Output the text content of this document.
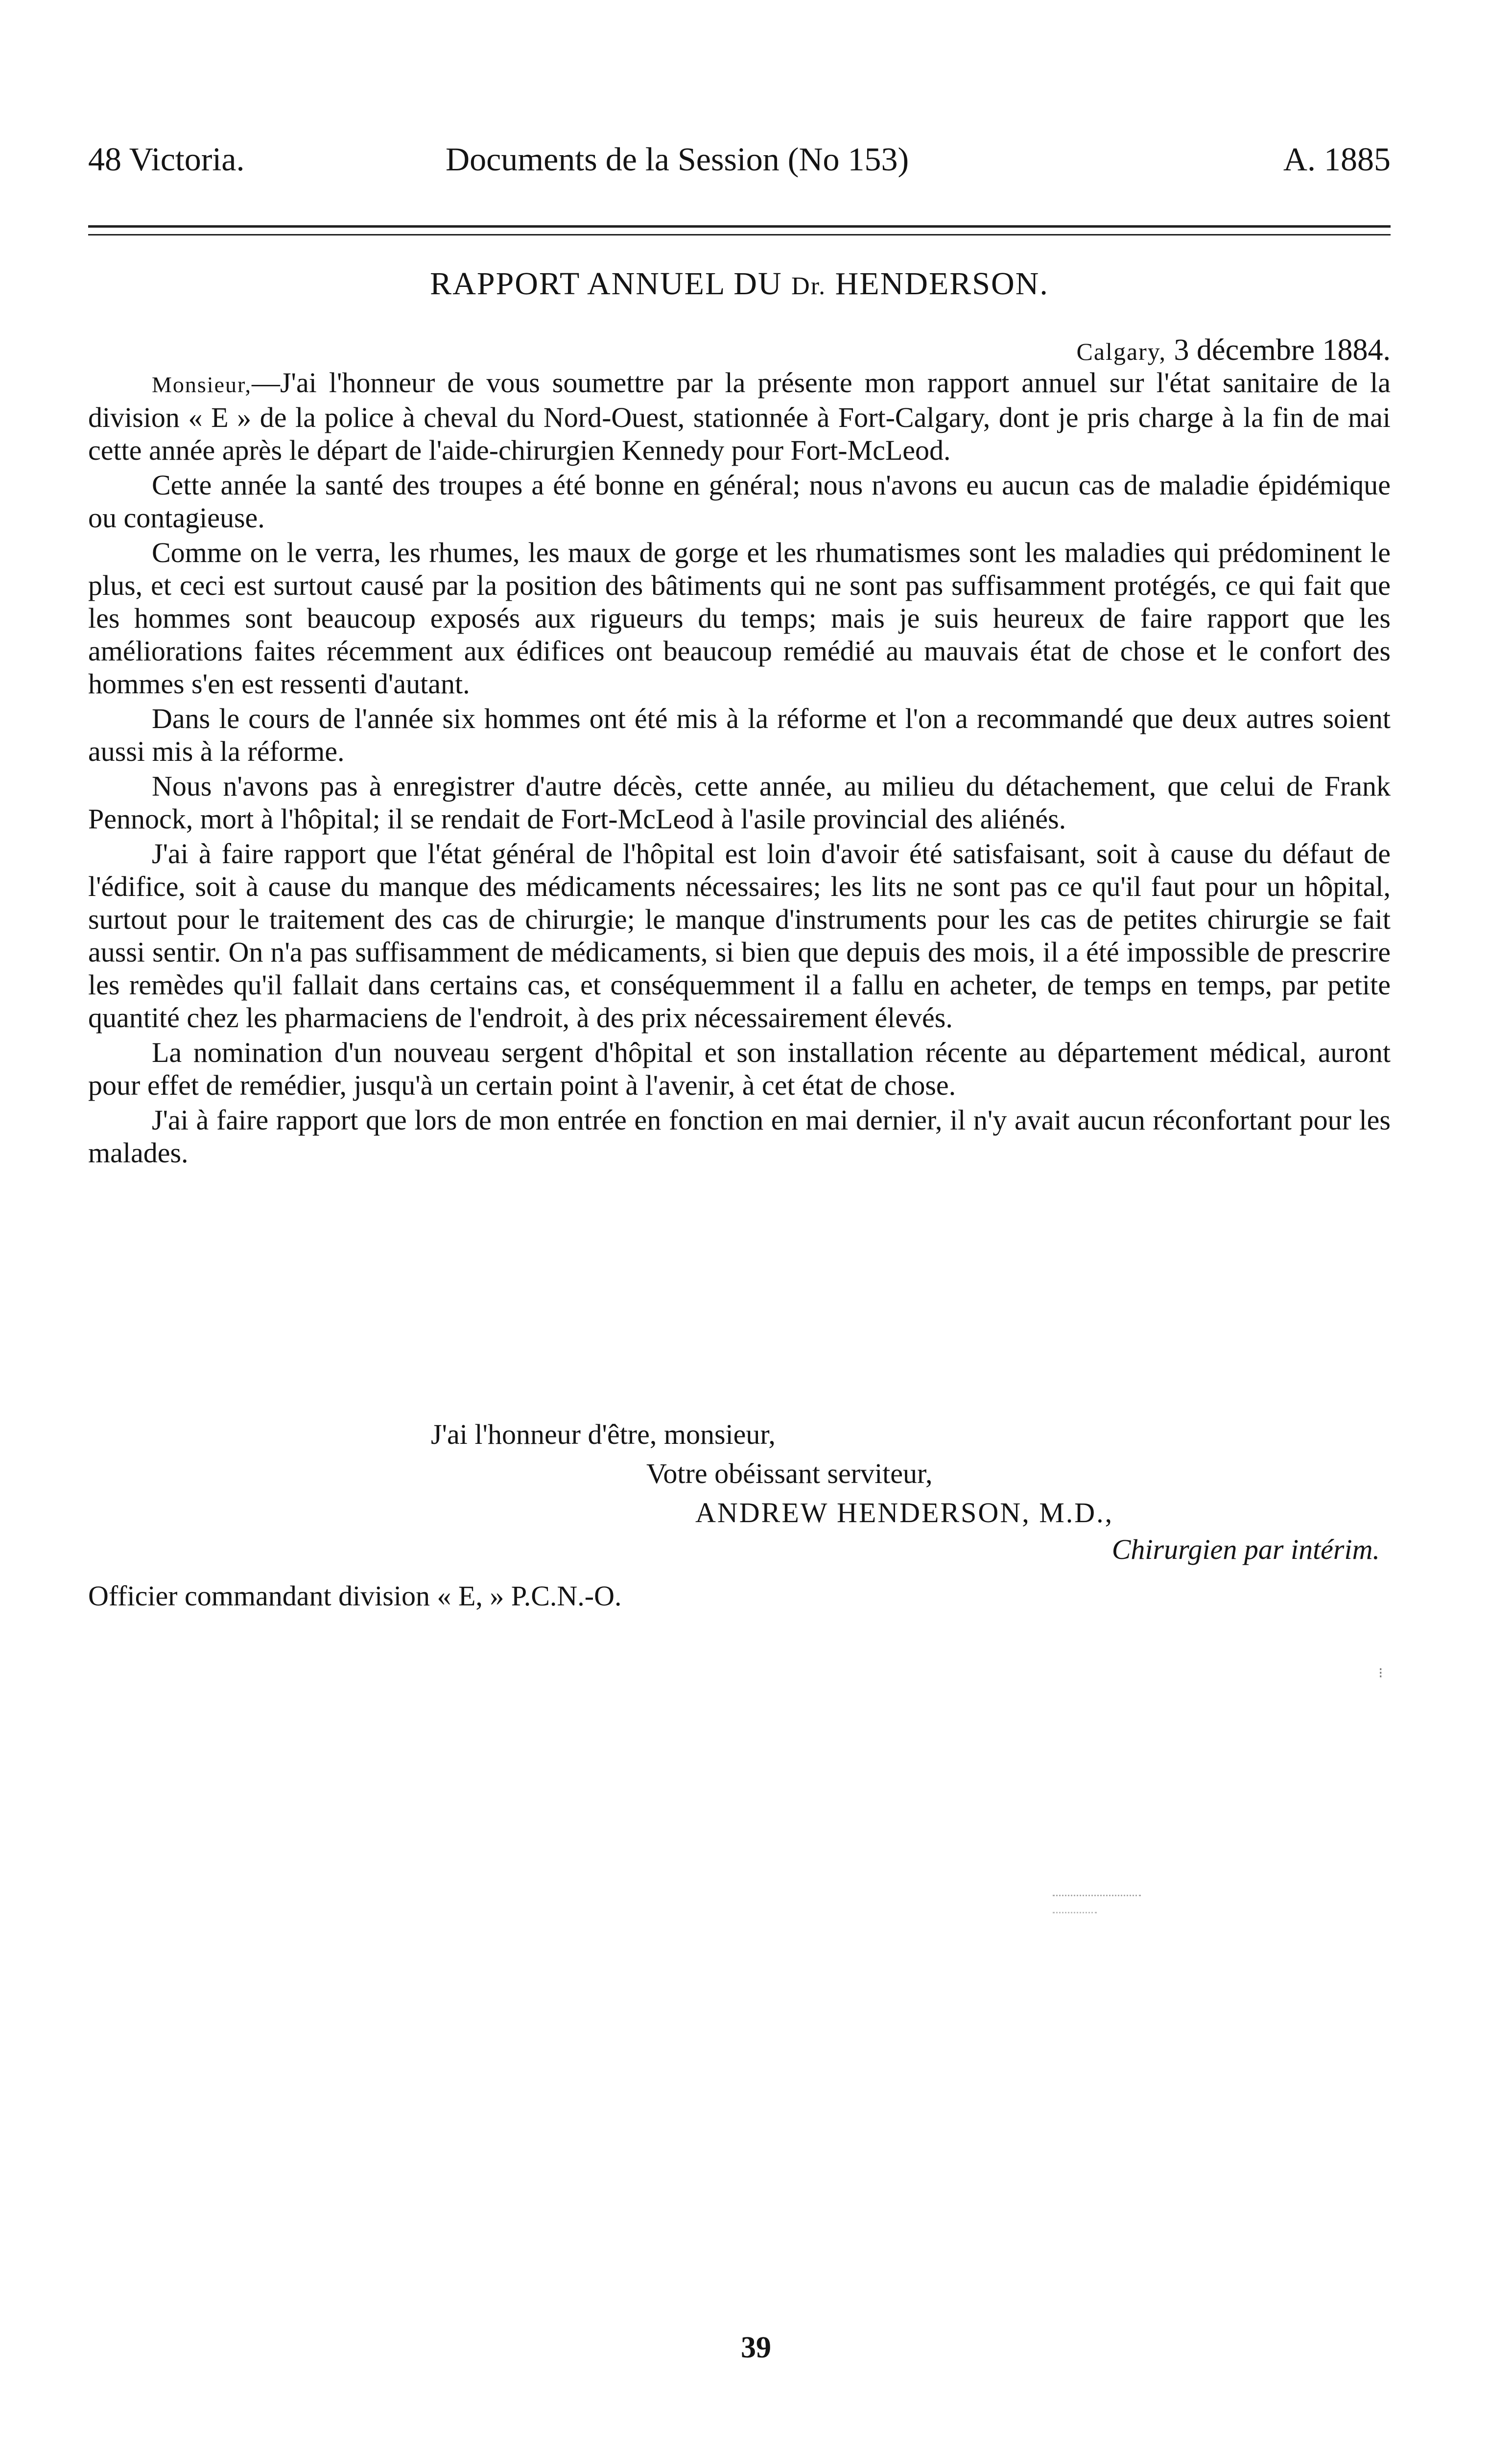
48 Victoria.	Documents de la Session (No 153)	A. 1885
RAPPORT ANNUEL DU Dr. HENDERSON.
Calgary, 3 décembre 1884.

Monsieur,—J'ai l'honneur de vous soumettre par la présente mon rapport annuel sur l'état sanitaire de la division « E » de la police à cheval du Nord-Ouest, stationnée à Fort-Calgary, dont je pris charge à la fin de mai cette année après le départ de l'aide-chirurgien Kennedy pour Fort-McLeod.

Cette année la santé des troupes a été bonne en général; nous n'avons eu aucun cas de maladie épidémique ou contagieuse.

Comme on le verra, les rhumes, les maux de gorge et les rhumatismes sont les maladies qui prédominent le plus, et ceci est surtout causé par la position des bâtiments qui ne sont pas suffisamment protégés, ce qui fait que les hommes sont beaucoup exposés aux rigueurs du temps; mais je suis heureux de faire rapport que les améliorations faites récemment aux édifices ont beaucoup remédié au mauvais état de chose et le confort des hommes s'en est ressenti d'autant.

Dans le cours de l'année six hommes ont été mis à la réforme et l'on a recommandé que deux autres soient aussi mis à la réforme.

Nous n'avons pas à enregistrer d'autre décès, cette année, au milieu du détachement, que celui de Frank Pennock, mort à l'hôpital; il se rendait de Fort-McLeod à l'asile provincial des aliénés.

J'ai à faire rapport que l'état général de l'hôpital est loin d'avoir été satisfaisant, soit à cause du défaut de l'édifice, soit à cause du manque des médicaments nécessaires; les lits ne sont pas ce qu'il faut pour un hôpital, surtout pour le traitement des cas de chirurgie; le manque d'instruments pour les cas de petites chirurgie se fait aussi sentir. On n'a pas suffisamment de médicaments, si bien que depuis des mois, il a été impossible de prescrire les remèdes qu'il fallait dans certains cas, et conséquemment il a fallu en acheter, de temps en temps, par petite quantité chez les pharmaciens de l'endroit, à des prix nécessairement élevés.

La nomination d'un nouveau sergent d'hôpital et son installation récente au département médical, auront pour effet de remédier, jusqu'à un certain point à l'avenir, à cet état de chose.

J'ai à faire rapport que lors de mon entrée en fonction en mai dernier, il n'y avait aucun réconfortant pour les malades.

J'ai l'honneur d'être, monsieur,
Votre obéissant serviteur,
ANDREW HENDERSON, M.D.,
Chirurgien par intérim.
Officier commandant division « E, » P.C.N.-O.
⁝
39
